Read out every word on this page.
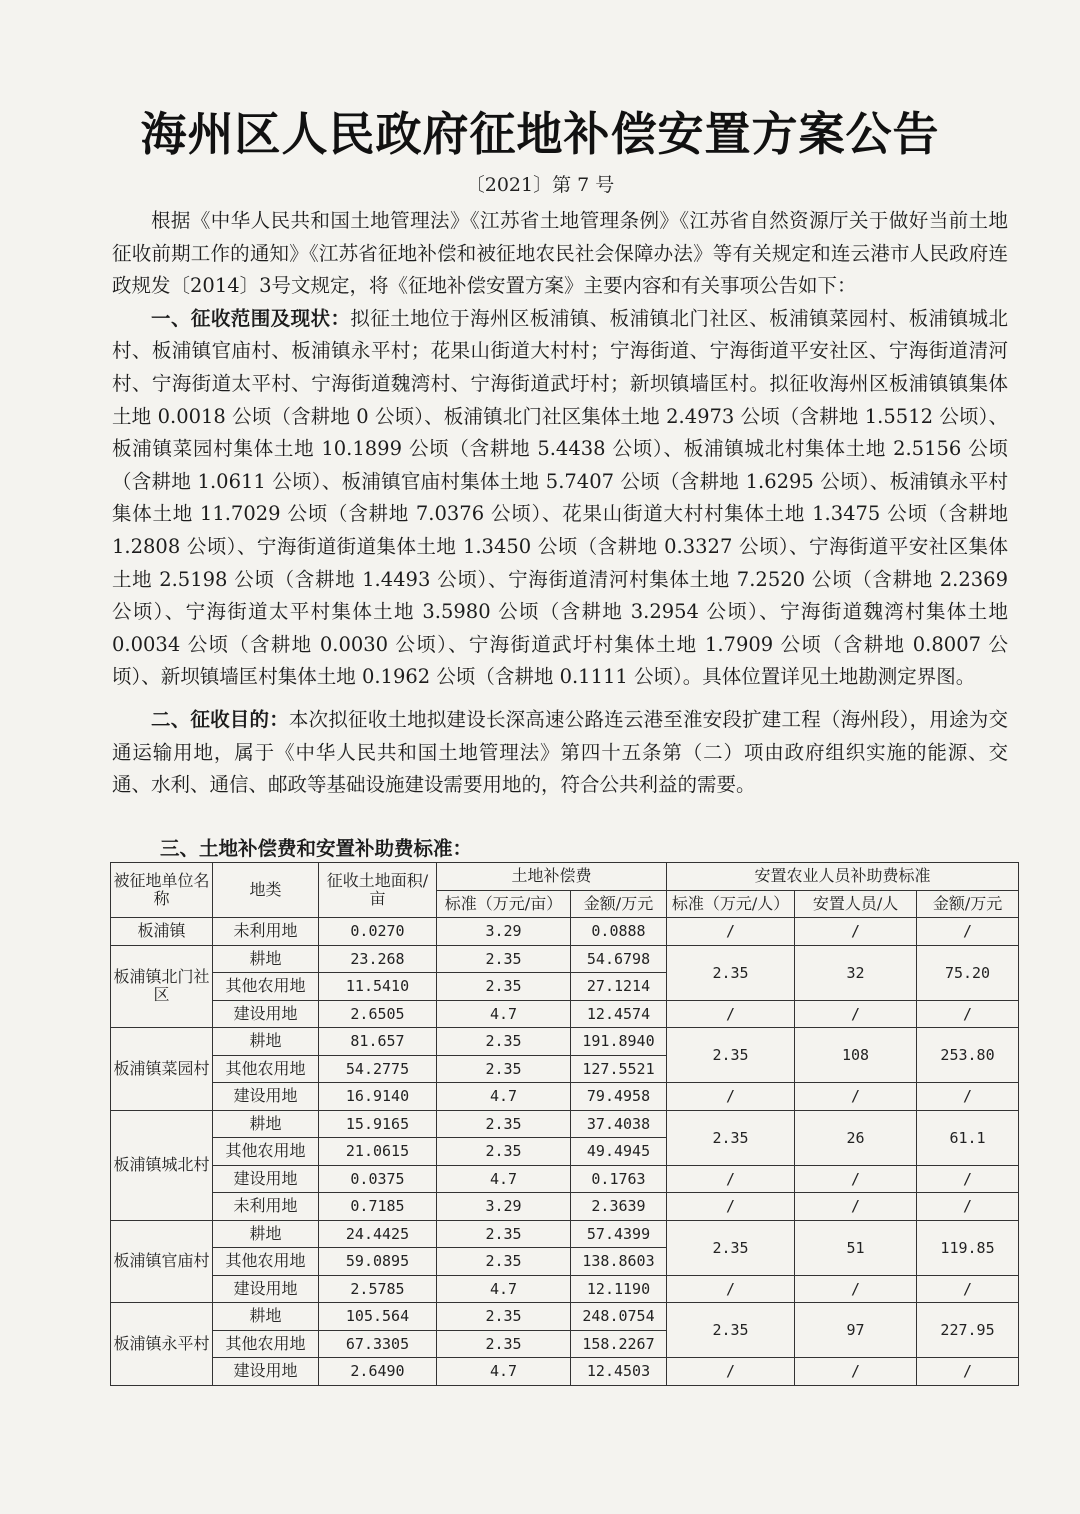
海州区人民政府征地补偿安置方案公告
〔2021〕第 7 号

根据《中华人民共和国土地管理法》《江苏省土地管理条例》《江苏省自然资源厅关于做好当前土地征收前期工作的通知》《江苏省征地补偿和被征地农民社会保障办法》等有关规定和连云港市人民政府连政规发〔2014〕3号文规定，将《征地补偿安置方案》主要内容和有关事项公告如下：

一、征收范围及现状：拟征土地位于海州区板浦镇、板浦镇北门社区、板浦镇菜园村、板浦镇城北村、板浦镇官庙村、板浦镇永平村；花果山街道大村村；宁海街道、宁海街道平安社区、宁海街道清河村、宁海街道太平村、宁海街道魏湾村、宁海街道武圩村；新坝镇墙匡村。拟征收海州区板浦镇镇集体土地 0.0018 公顷（含耕地 0 公顷）、板浦镇北门社区集体土地 2.4973 公顷（含耕地 1.5512 公顷）、板浦镇菜园村集体土地 10.1899 公顷（含耕地 5.4438 公顷）、板浦镇城北村集体土地 2.5156 公顷（含耕地 1.0611 公顷）、板浦镇官庙村集体土地 5.7407 公顷（含耕地 1.6295 公顷）、板浦镇永平村集体土地 11.7029 公顷（含耕地 7.0376 公顷）、花果山街道大村村集体土地 1.3475 公顷（含耕地 1.2808 公顷）、宁海街道街道集体土地 1.3450 公顷（含耕地 0.3327 公顷）、宁海街道平安社区集体土地 2.5198 公顷（含耕地 1.4493 公顷）、宁海街道清河村集体土地 7.2520 公顷（含耕地 2.2369 公顷）、宁海街道太平村集体土地 3.5980 公顷（含耕地 3.2954 公顷）、宁海街道魏湾村集体土地 0.0034 公顷（含耕地 0.0030 公顷）、宁海街道武圩村集体土地 1.7909 公顷（含耕地 0.8007 公顷）、新坝镇墙匡村集体土地 0.1962 公顷（含耕地 0.1111 公顷）。具体位置详见土地勘测定界图。

二、征收目的：本次拟征收土地拟建设长深高速公路连云港至淮安段扩建工程（海州段），用途为交通运输用地，属于《中华人民共和国土地管理法》第四十五条第（二）项由政府组织实施的能源、交通、水利、通信、邮政等基础设施建设需要用地的，符合公共利益的需要。

三、土地补偿费和安置补助费标准：
被征地单位名称	地类	征收土地面积/亩	土地补偿费		安置农业人员补助费标准		
			标准（万元/亩）	金额/万元	标准（万元/人）	安置人员/人	金额/万元
板浦镇	未利用地	0.0270	3.29	0.0888	/	/	/
板浦镇北门社区	耕地	23.268	2.35	54.6798	2.35	32	75.20
	其他农用地	11.5410	2.35	27.1214			
	建设用地	2.6505	4.7	12.4574	/	/	/
板浦镇菜园村	耕地	81.657	2.35	191.8940	2.35	108	253.80
	其他农用地	54.2775	2.35	127.5521			
	建设用地	16.9140	4.7	79.4958	/	/	/
板浦镇城北村	耕地	15.9165	2.35	37.4038	2.35	26	61.1
	其他农用地	21.0615	2.35	49.4945			
	建设用地	0.0375	4.7	0.1763	/	/	/
	未利用地	0.7185	3.29	2.3639	/	/	/
板浦镇官庙村	耕地	24.4425	2.35	57.4399	2.35	51	119.85
	其他农用地	59.0895	2.35	138.8603			
	建设用地	2.5785	4.7	12.1190	/	/	/
板浦镇永平村	耕地	105.564	2.35	248.0754	2.35	97	227.95
	其他农用地	67.3305	2.35	158.2267			
	建设用地	2.6490	4.7	12.4503	/	/	/
